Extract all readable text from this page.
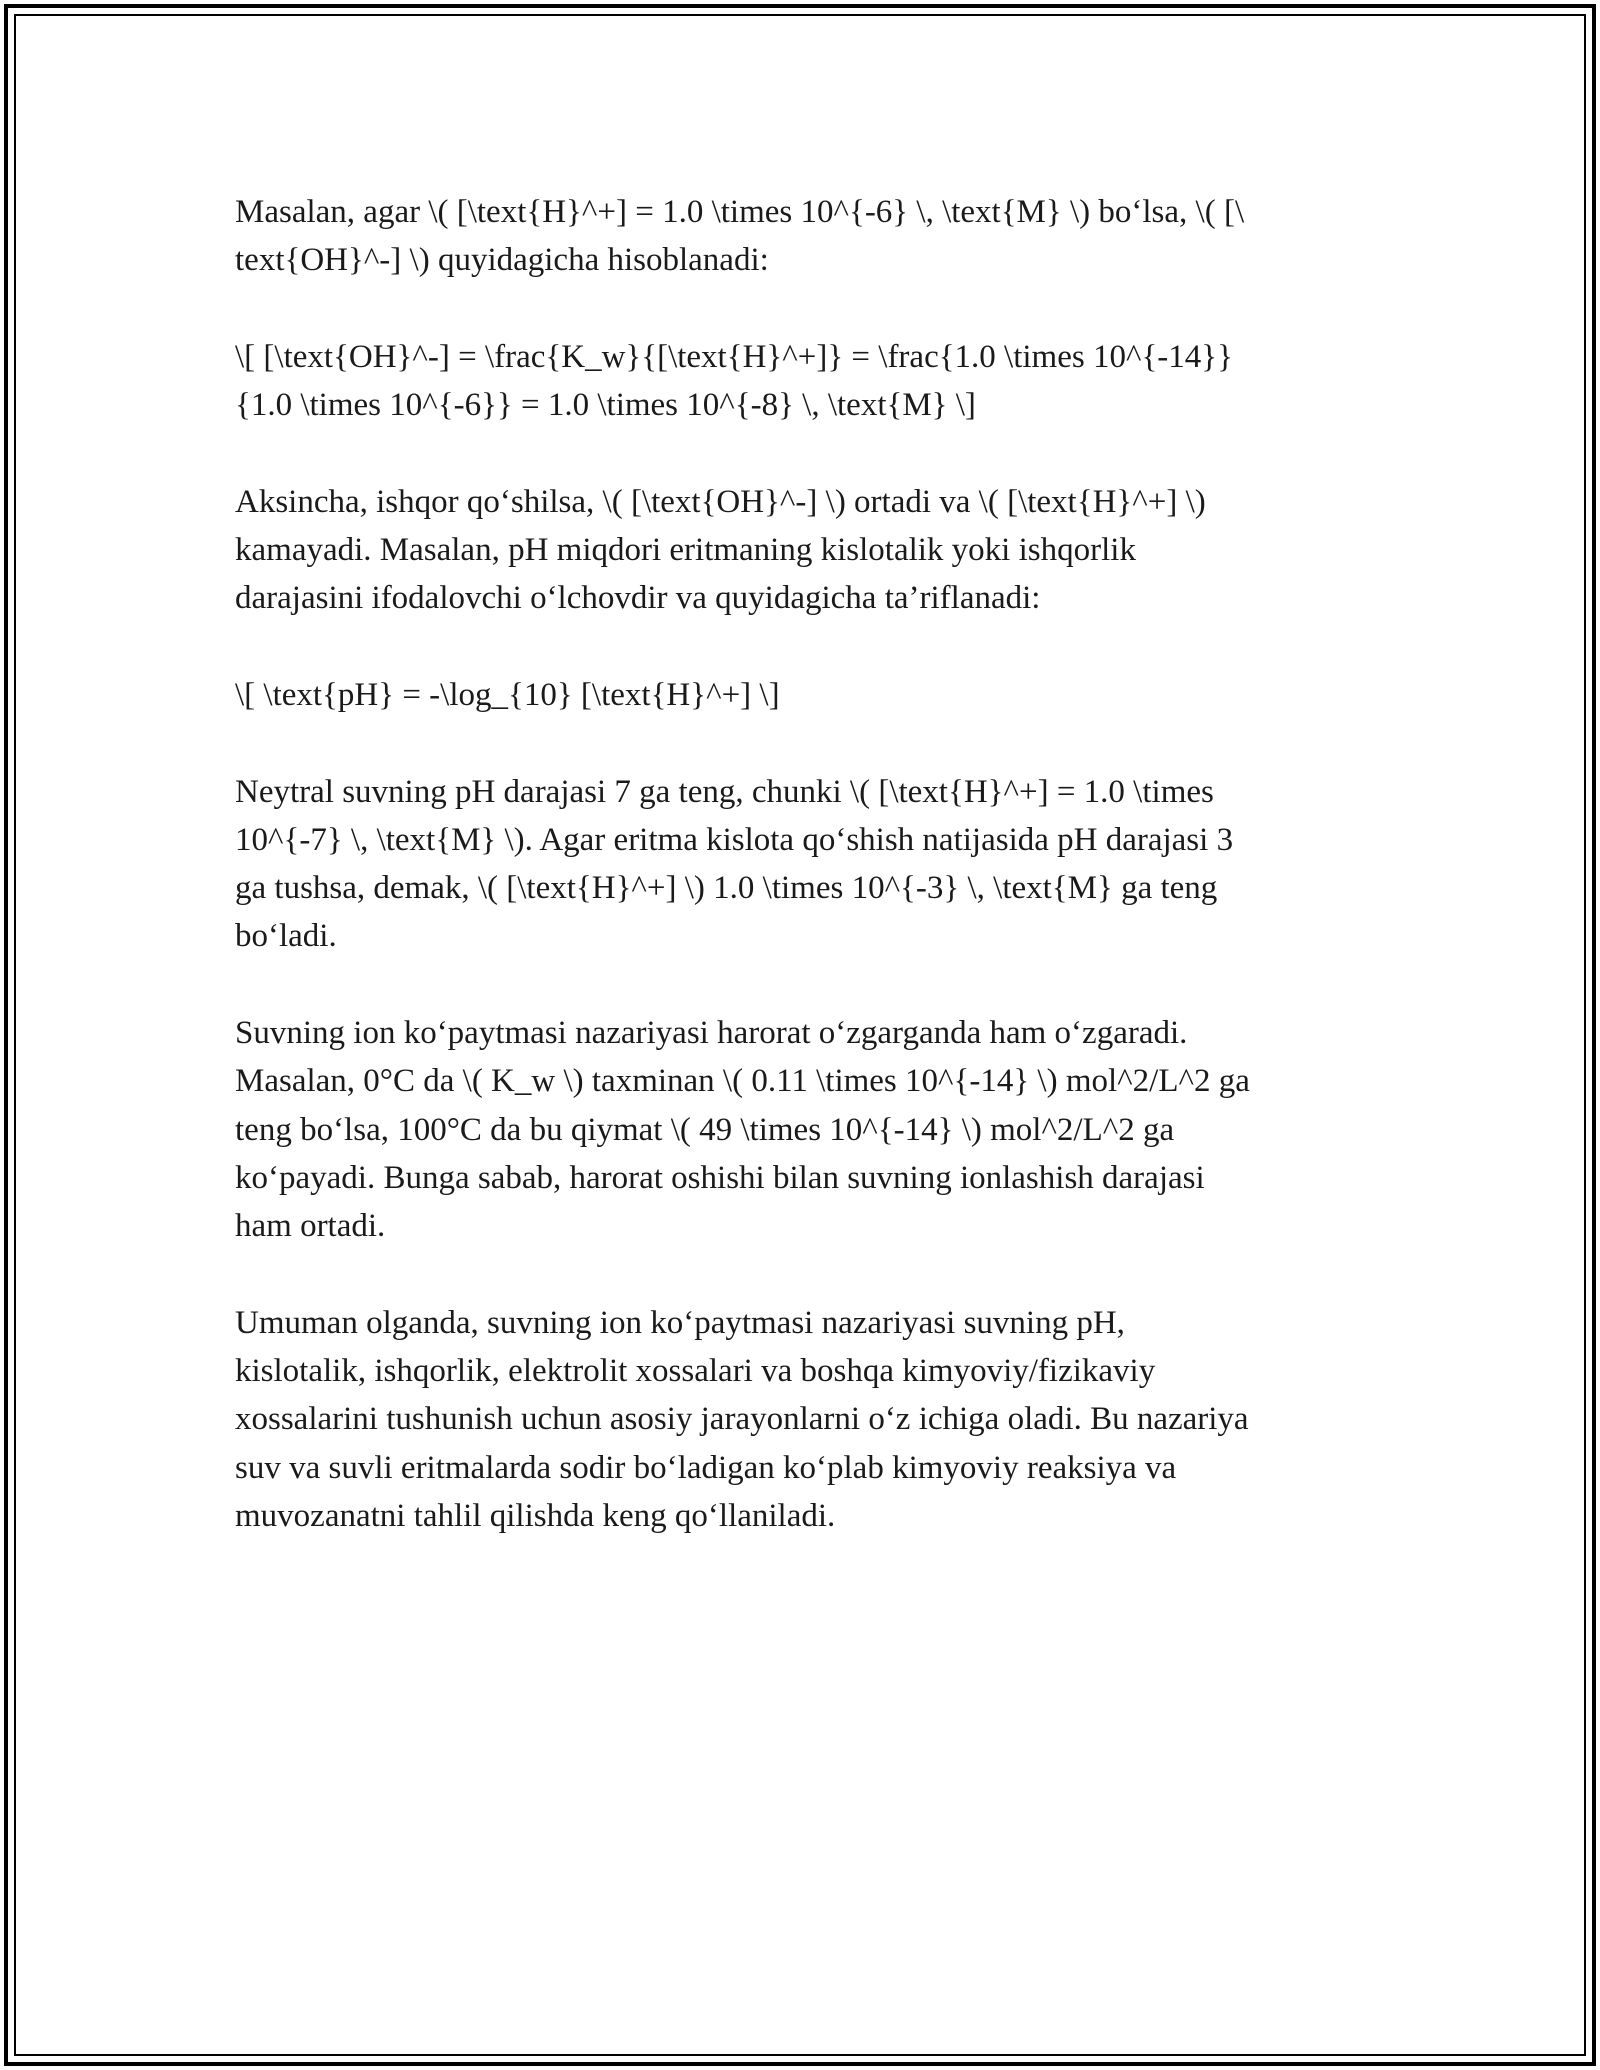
Masalan, agar \( [\text{H}^+] = 1.0 \times 10^{-6} \, \text{M} \) bo‘lsa, \( [\
text{OH}^-] \) quyidagicha hisoblanadi:

\[ [\text{OH}^-] = \frac{K_w}{[\text{H}^+]} = \frac{1.0 \times 10^{-14}}
{1.0 \times 10^{-6}} = 1.0 \times 10^{-8} \, \text{M} \]

Aksincha, ishqor qo‘shilsa, \( [\text{OH}^-] \) ortadi va \( [\text{H}^+] \)
kamayadi. Masalan, pH miqdori eritmaning kislotalik yoki ishqorlik
darajasini ifodalovchi o‘lchovdir va quyidagicha ta’riflanadi:

\[ \text{pH} = -\log_{10} [\text{H}^+] \]

Neytral suvning pH darajasi 7 ga teng, chunki \( [\text{H}^+] = 1.0 \times
10^{-7} \, \text{M} \). Agar eritma kislota qo‘shish natijasida pH darajasi 3
ga tushsa, demak, \( [\text{H}^+] \) 1.0 \times 10^{-3} \, \text{M} ga teng
bo‘ladi.

Suvning ion ko‘paytmasi nazariyasi harorat o‘zgarganda ham o‘zgaradi.
Masalan, 0°C da \( K_w \) taxminan \( 0.11 \times 10^{-14} \) mol^2/L^2 ga
teng bo‘lsa, 100°C da bu qiymat \( 49 \times 10^{-14} \) mol^2/L^2 ga
ko‘payadi. Bunga sabab, harorat oshishi bilan suvning ionlashish darajasi
ham ortadi.

Umuman olganda, suvning ion ko‘paytmasi nazariyasi suvning pH,
kislotalik, ishqorlik, elektrolit xossalari va boshqa kimyoviy/fizikaviy
xossalarini tushunish uchun asosiy jarayonlarni o‘z ichiga oladi. Bu nazariya
suv va suvli eritmalarda sodir bo‘ladigan ko‘plab kimyoviy reaksiya va
muvozanatni tahlil qilishda keng qo‘llaniladi.
